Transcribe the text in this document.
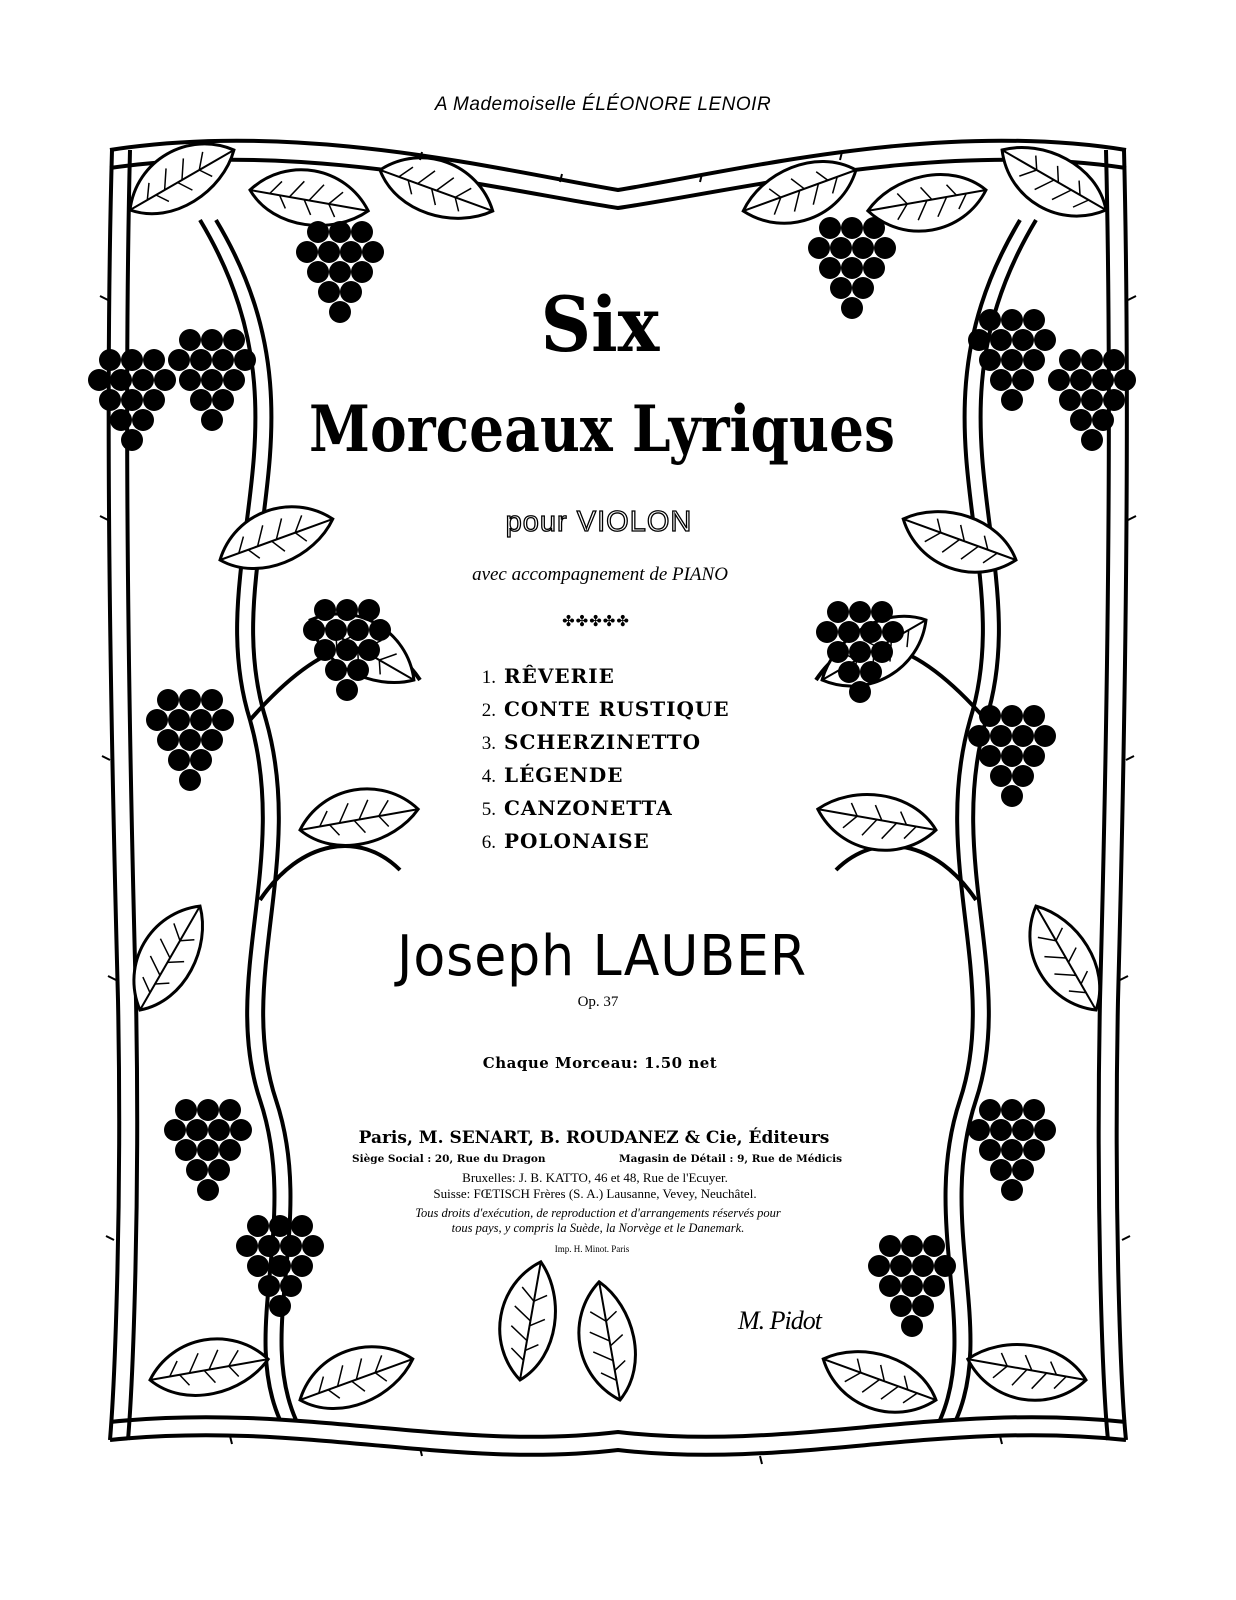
A Mademoiselle ÉLÉONORE LENOIR
Six
Morceaux Lyriques
pour VIOLON
avec accompagnement de PIANO
✤✤✤✤✤
1. RÊVERIE
2. CONTE RUSTIQUE
3. SCHERZINETTO
4. LÉGENDE
5. CANZONETTA
6. POLONAISE
Joseph LAUBER
Op. 37
Chaque Morceau: 1.50 net
Paris, M. SENART, B. ROUDANEZ & Cie, Éditeurs
Siège Social : 20, Rue du Dragon	Magasin de Détail : 9, Rue de Médicis
Bruxelles: J. B. KATTO, 46 et 48, Rue de l'Ecuyer.
Suisse: FŒTISCH Frères (S. A.) Lausanne, Vevey, Neuchâtel.
Tous droits d'exécution, de reproduction et d'arrangements réservés pour
tous pays, y compris la Suède, la Norvège et le Danemark.
Imp. H. Minot. Paris
M. Pidot
